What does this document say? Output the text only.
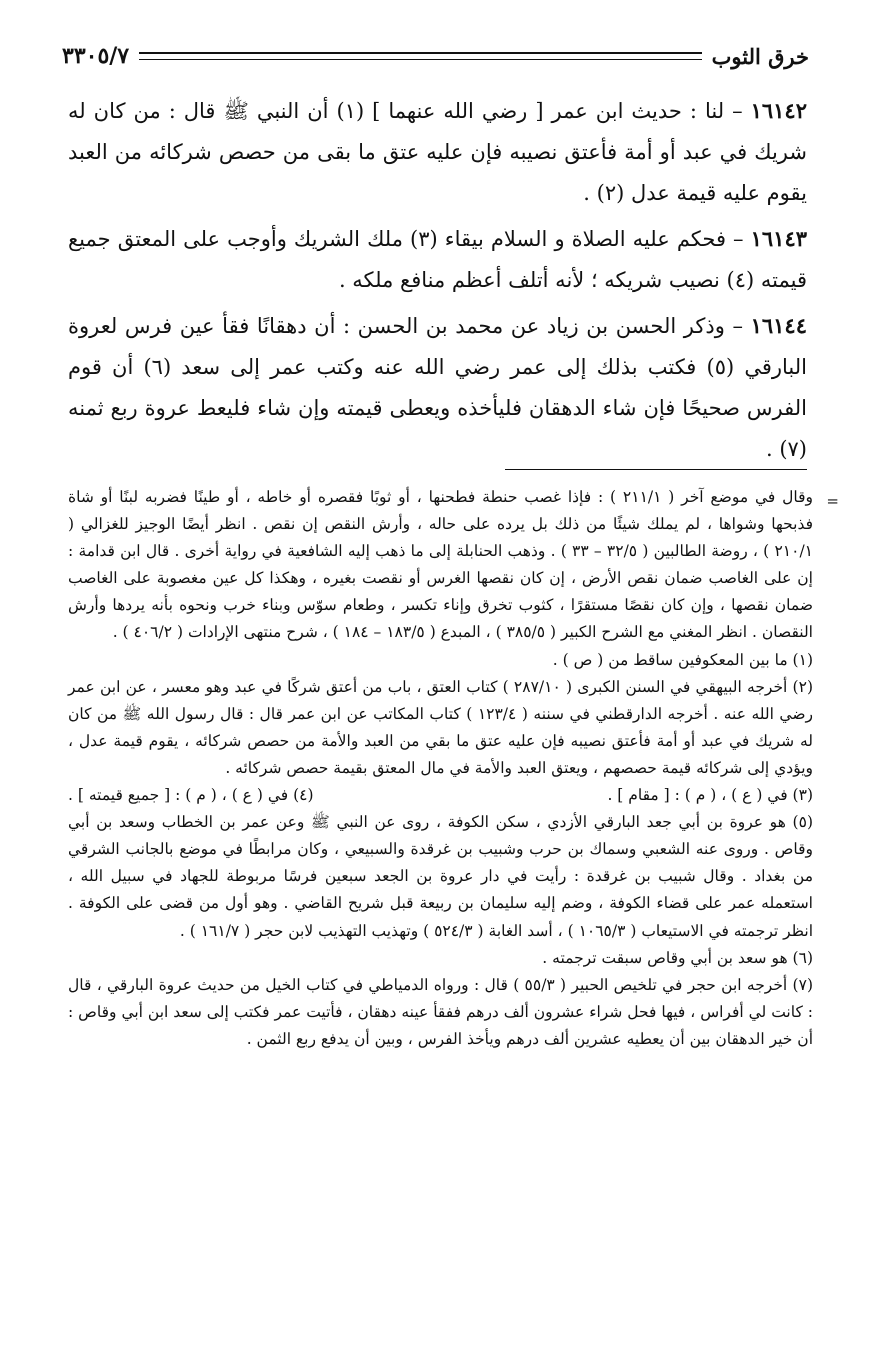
خرق الثوب
٣٣٠٥/٧

١٦١٤٢ – لنا : حديث ابن عمر [ رضي الله عنهما ] (١) أن النبي ﷺ قال : من كان له شريك في عبد أو أمة فأعتق نصيبه فإن عليه عتق ما بقى من حصص شركائه من العبد يقوم عليه قيمة عدل (٢) .

١٦١٤٣ – فحكم عليه الصلاة و السلام بيقاء (٣) ملك الشريك وأوجب على المعتق جميع قيمته (٤) نصيب شريكه ؛ لأنه أتلف أعظم منافع ملكه .

١٦١٤٤ – وذكر الحسن بن زياد عن محمد بن الحسن : أن دهقانًا فقأ عين فرس لعروة البارقي (٥) فكتب بذلك إلى عمر رضي الله عنه وكتب عمر إلى سعد (٦) أن قوم الفرس صحيحًا فإن شاء الدهقان فليأخذه ويعطى قيمته وإن شاء فليعط عروة ربع ثمنه (٧) .

=

وقال في موضع آخر ( ٢١١/١ ) : فإذا غصب حنطة فطحنها ، أو ثوبًا فقصره أو خاطه ، أو طينًا فضربه لبنًا أو شاة فذبحها وشواها ، لم يملك شيئًا من ذلك بل يرده على حاله ، وأرش النقص إن نقص . انظر أيضًا الوجيز للغزالي ( ٢١٠/١ ) ، روضة الطالبين ( ٣٢/٥ – ٣٣ ) . وذهب الحنابلة إلى ما ذهب إليه الشافعية في رواية أخرى . قال ابن قدامة : إن على الغاصب ضمان نقص الأرض ، إن كان نقصها الغرس أو نقصت بغيره ، وهكذا كل عين مغصوبة على الغاصب ضمان نقصها ، وإن كان نقصًا مستقرًا ، كثوب تخرق وإناء تكسر ، وطعام سوّس وبناء خرب ونحوه بأنه يردها وأرش النقصان . انظر المغني مع الشرح الكبير ( ٣٨٥/٥ ) ، المبدع ( ١٨٣/٥ – ١٨٤ ) ، شرح منتهى الإرادات ( ٤٠٦/٢ ) .

(١) ما بين المعكوفين ساقط من ( ص ) .

(٢) أخرجه البيهقي في السنن الكبرى ( ٢٨٧/١٠ ) كتاب العتق ، باب من أعتق شركًا في عبد وهو معسر ، عن ابن عمر رضي الله عنه . أخرجه الدارقطني في سننه ( ١٢٣/٤ ) كتاب المكاتب عن ابن عمر قال : قال رسول الله ﷺ من كان له شريك في عبد أو أمة فأعتق نصيبه فإن عليه عتق ما بقي من العبد والأمة من حصص شركائه ، يقوم قيمة عدل ، ويؤدي إلى شركائه قيمة حصصهم ، ويعتق العبد والأمة في مال المعتق بقيمة حصص شركائه .

(٣) في ( ع ) ، ( م ) : [ مقام ] .
(٤) في ( ع ) ، ( م ) : [ جميع قيمته ] .

(٥) هو عروة بن أبي جعد البارقي الأزدي ، سكن الكوفة ، روى عن النبي ﷺ وعن عمر بن الخطاب وسعد بن أبي وقاص . وروى عنه الشعبي وسماك بن حرب وشبيب بن غرقدة والسبيعي ، وكان مرابطًا في موضع بالجانب الشرقي من بغداد . وقال شبيب بن غرقدة : رأيت في دار عروة بن الجعد سبعين فرسًا مربوطة للجهاد في سبيل الله ، استعمله عمر على قضاء الكوفة ، وضم إليه سليمان بن ربيعة قبل شريح القاضي . وهو أول من قضى على الكوفة . انظر ترجمته في الاستيعاب ( ١٠٦٥/٣ ) ، أسد الغابة ( ٥٢٤/٣ ) وتهذيب التهذيب لابن حجر ( ١٦١/٧ ) .

(٦) هو سعد بن أبي وقاص سبقت ترجمته .

(٧) أخرجه ابن حجر في تلخيص الحبير ( ٥٥/٣ ) قال : ورواه الدمياطي في كتاب الخيل من حديث عروة البارقي ، قال : كانت لي أفراس ، فيها فحل شراء عشرون ألف درهم ففقأ عينه دهقان ، فأتيت عمر فكتب إلى سعد ابن أبي وقاص : أن خير الدهقان بين أن يعطيه عشرين ألف درهم ويأخذ الفرس ، وبين أن يدفع ربع الثمن .
